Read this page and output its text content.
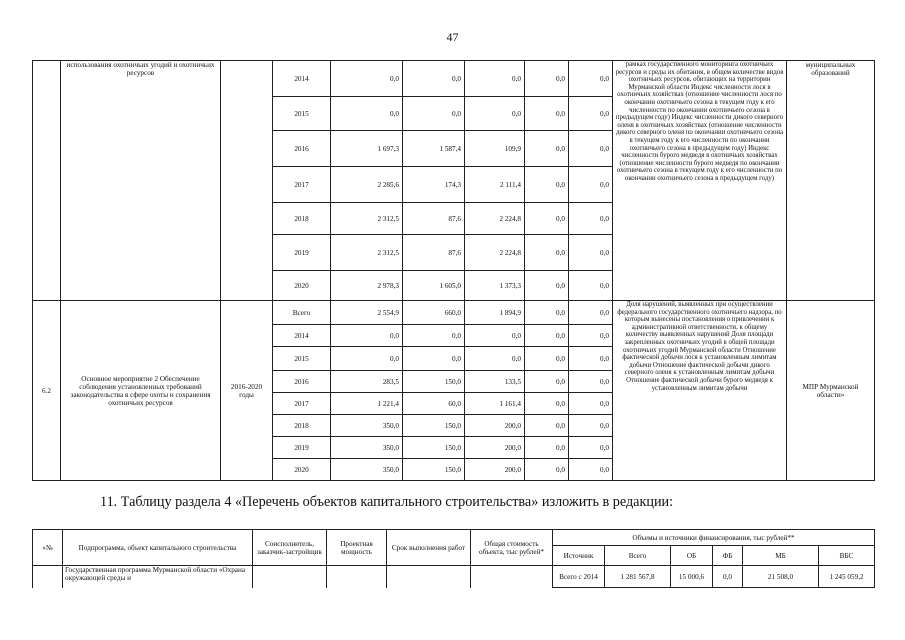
47
	использования охотничьих угодий и охотничьих ресурсов		2014	0,0	0,0	0,0	0,0	0,0	рамках государственного мониторинга охотничьих ресурсов и среды их обитания, в общем количестве видов охотничьих ресурсов, обитающих на территории Мурманской области Индекс численности лося в охотничьих хозяйствах (отношение численности лося по окончании охотничьего сезона в текущем году к его численности по окончании охотничьего сезона в предыдущем году) Индекс численности дикого северного оленя в охотничьих хозяйствах (отношение численности дикого северного оленя по окончании охотничьего сезона в текущем году к его численности по окончании охотничьего сезона в предыдущем году) Индекс численности бурого медведя в охотничьих хозяйствах (отношение численности бурого медведя по окончании охотничьего сезона в текущем году к его численности по окончании охотничьего сезона в предыдущем году)	муниципальных образований
			2015	0,0	0,0	0,0	0,0	0,0		
			2016	1 697,3	1 587,4	109,9	0,0	0,0		
			2017	2 285,6	174,3	2 111,4	0,0	0,0		
			2018	2 312,5	87,6	2 224,8	0,0	0,0		
			2019	2 312,5	87,6	2 224,8	0,0	0,0		
			2020	2 978,3	1 605,0	1 373,3	0,0	0,0		
6.2	Основное мероприятие 2 Обеспечение соблюдения установленных требований законодательства в сфере охоты и сохранения охотничьих ресурсов	2016-2020 годы	Всего	2 554,9	660,0	1 894,9	0,0	0,0	Доля нарушений, выявленных при осуществлении федерального государственного охотничьего надзора, по которым вынесены постановления о привлечении к административной ответственности, к общему количеству выявленных нарушений Доля площади закрепленных охотничьих угодий в общей площади охотничьих угодий Мурманской области Отношение фактической добычи лося к установленным лимитам добычи Отношение фактической добычи дикого северного оленя к установленным лимитам добычи Отношение фактической добычи бурого медведя к установленным лимитам добычи	МПР Мурманской области»
			2014	0,0	0,0	0,0	0,0	0,0		
			2015	0,0	0,0	0,0	0,0	0,0		
			2016	283,5	150,0	133,5	0,0	0,0		
			2017	1 221,4	60,0	1 161,4	0,0	0,0		
			2018	350,0	150,0	200,0	0,0	0,0		
			2019	350,0	150,0	200,0	0,0	0,0		
			2020	350,0	150,0	200,0	0,0	0,0		
11. Таблицу раздела 4 «Перечень объектов капитального строительства» изложить в редакции:
«№	Подпрограмма, объект капитального строительства	Соисполнитель, заказчик-застройщик	Проектная мощность	Срок выполнения работ	Общая стоимость объекта, тыс рублей*	Объемы и источники финансирования, тыс рублей**					
						Источник	Всего	ОБ	ФБ	МБ	ВБС
	Государственная программа Мурманской области «Охрана окружающей среды и					Всего с 2014	1 281 567,8	15 000,6	0,0	21 508,0	1 245 059,2
